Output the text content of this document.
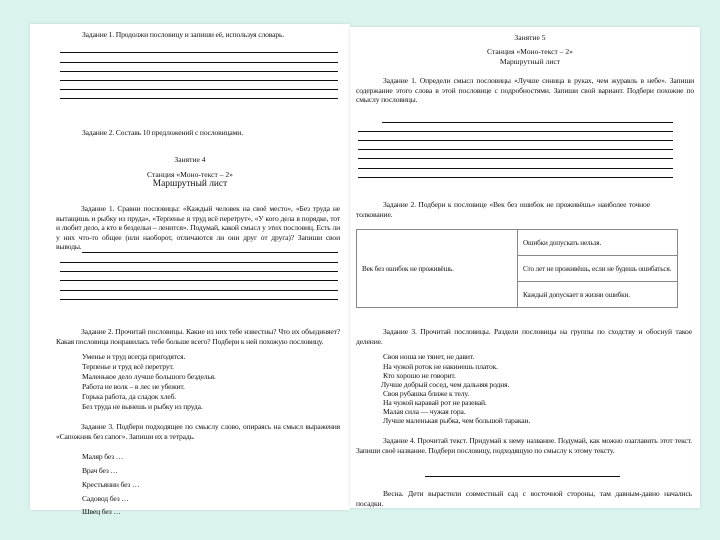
Задание 1. Продолжи пословицу и запиши её, используя словарь.
Задание 2. Составь 10 предложений с пословицами.
Занятие 4
Станция «Моно-текст – 2»
Маршрутный лист
Задание 1. Сравни пословицы: «Каждый человек на своё место», «Без труда не вытащишь и рыбку из пруда», «Терпенье и труд всё перетрут», «У кого дела в порядке, тот и любит дело, а кто в бездельи – ленится». Подумай, какой смысл у этих пословиц. Есть ли у них что-то общее (или наоборот, отличаются ли они друг от друга)? Запиши свои выводы.
Задание 2. Прочитай пословицы. Какие из них тебе известны? Что их объединяет? Какая пословица понравилась тебе больше всего? Подбери к ней похожую пословицу.
Уменье и труд всегда пригодятся.
Терпенье и труд всё перетрут.
Маленькое дело лучше большого безделья.
Работа не волк – в лес не убежит.
Горька работа, да сладок хлеб.
Без труда не вынешь и рыбку из пруда.
Задание 3. Подбери подходящее по смыслу слово, опираясь на смысл выражения «Сапожник без сапог». Запиши их в тетрадь.
Маляр без …
Врач без …
Крестьянин без …
Садовод без …
Швец без …
Занятие 5
Станция «Моно-текст – 2»
Маршрутный лист
Задание 1. Определи смысл пословицы «Лучше синица в руках, чем журавль в небе». Запиши содержание этого слова в этой пословице с подробностями. Запиши свой вариант. Подбери похожие по смыслу пословицы.
Задание 2. Подбери к пословице «Век без ошибок не проживёшь» наиболее точное толкование.
Век без ошибок не проживёшь.	Ошибки допускать нельзя.
Сто лет не проживёшь, если не будешь ошибаться.
Каждый допускает в жизни ошибки.
Задание 3. Прочитай пословицы. Раздели пословицы на группы по сходству и обоснуй такое деление.
Своя ноша не тянет, не давит.
На чужой роток не накинешь платок.
Кто хорошо не говорит.
Лучше добрый сосед, чем дальняя родня.
Своя рубашка ближе к телу.
На чужой каравай рот не разевай.
Малая сила — чужая гора.
Лучше маленькая рыбка, чем большой таракан.
Задание 4. Прочитай текст. Придумай к нему название. Подумай, как можно озаглавить этот текст. Запиши своё название. Подбери пословицу, подходящую по смыслу к этому тексту.
Весна. Дети вырастили совместный сад с восточной стороны, там давным-давно начались посадки.
